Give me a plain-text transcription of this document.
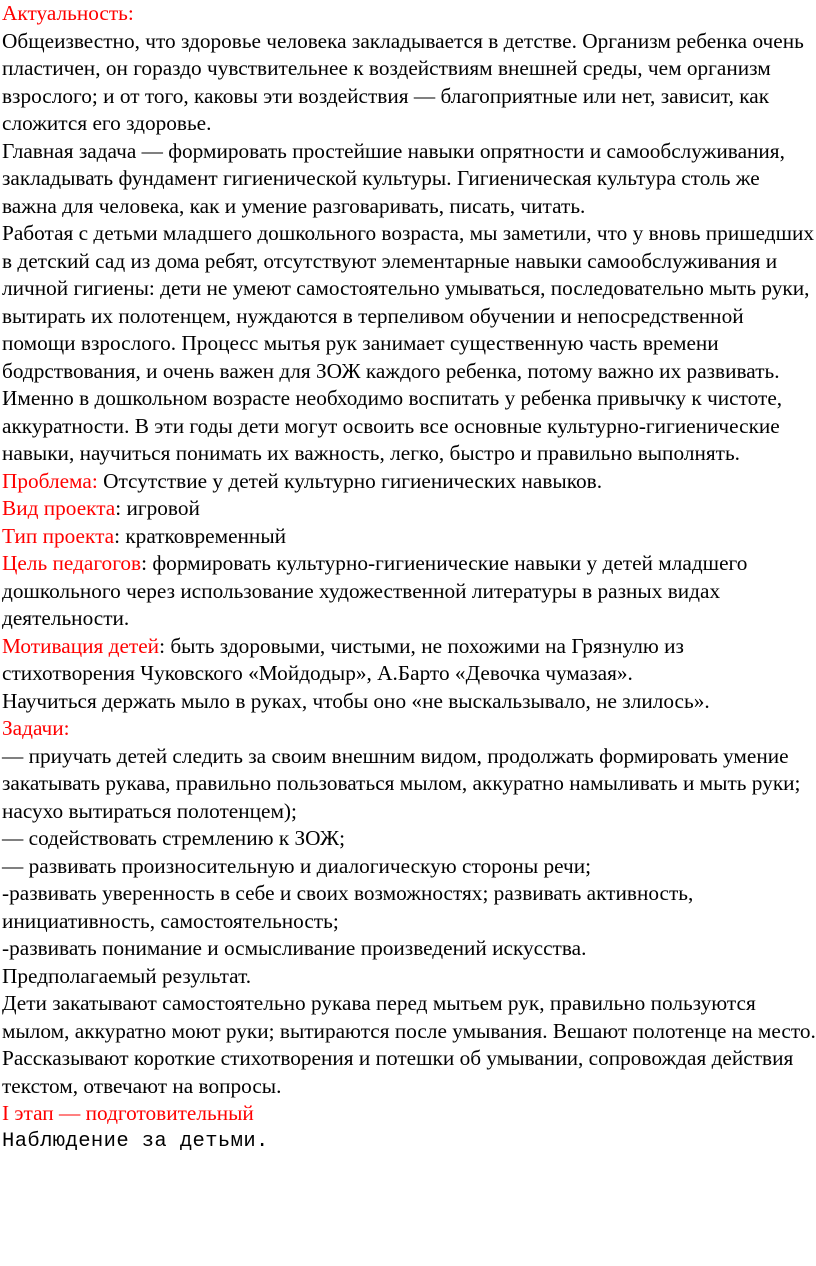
Актуальность:

Общеизвестно, что здоровье человека закладывается в детстве. Организм ребенка очень пластичен, он гораздо чувствительнее к воздействиям внешней среды, чем организм взрослого; и от того, каковы эти воздействия — благоприятные или нет, зависит, как сложится его здоровье.

Главная задача — формировать простейшие навыки опрятности и самообслуживания, закладывать фундамент гигиенической культуры. Гигиеническая культура столь же важна для человека, как и умение разговаривать, писать, читать.

Работая с детьми младшего дошкольного возраста, мы заметили, что у вновь пришедших в детский сад из дома ребят, отсутствуют элементарные навыки самообслуживания и личной гигиены: дети не умеют самостоятельно умываться, последовательно мыть руки, вытирать их полотенцем, нуждаются в терпеливом обучении и непосредственной помощи взрослого. Процесс мытья рук занимает существенную часть времени бодрствования, и очень важен для ЗОЖ каждого ребенка, потому важно их развивать. Именно в дошкольном возрасте необходимо воспитать у ребенка привычку к чистоте, аккуратности. В эти годы дети могут освоить все основные культурно-гигиенические навыки, научиться понимать их важность, легко, быстро и правильно выполнять.

Проблема: Отсутствие у детей культурно гигиенических навыков.

Вид проекта: игровой

Тип проекта: кратковременный

Цель педагогов: формировать культурно-гигиенические навыки у детей младшего дошкольного через использование художественной литературы в разных видах деятельности.

Мотивация детей: быть здоровыми, чистыми, не похожими на Грязнулю из стихотворения Чуковского «Мойдодыр», А.Барто «Девочка чумазая».

Научиться держать мыло в руках, чтобы оно «не выскальзывало, не злилось».

Задачи:

— приучать детей следить за своим внешним видом, продолжать формировать умение закатывать рукава, правильно пользоваться мылом, аккуратно намыливать и мыть руки; насухо вытираться полотенцем);

— содействовать стремлению к ЗОЖ;

— развивать произносительную и диалогическую стороны речи;

-развивать уверенность в себе и своих возможностях; развивать активность, инициативность, самостоятельность;

-развивать понимание и осмысливание произведений искусства.

Предполагаемый результат.

Дети закатывают самостоятельно рукава перед мытьем рук, правильно пользуются мылом, аккуратно моют руки; вытираются после умывания. Вешают полотенце на место. Рассказывают короткие стихотворения и потешки об умывании, сопровождая действия текстом, отвечают на вопросы.

I этап — подготовительный

Наблюдение за детьми.
